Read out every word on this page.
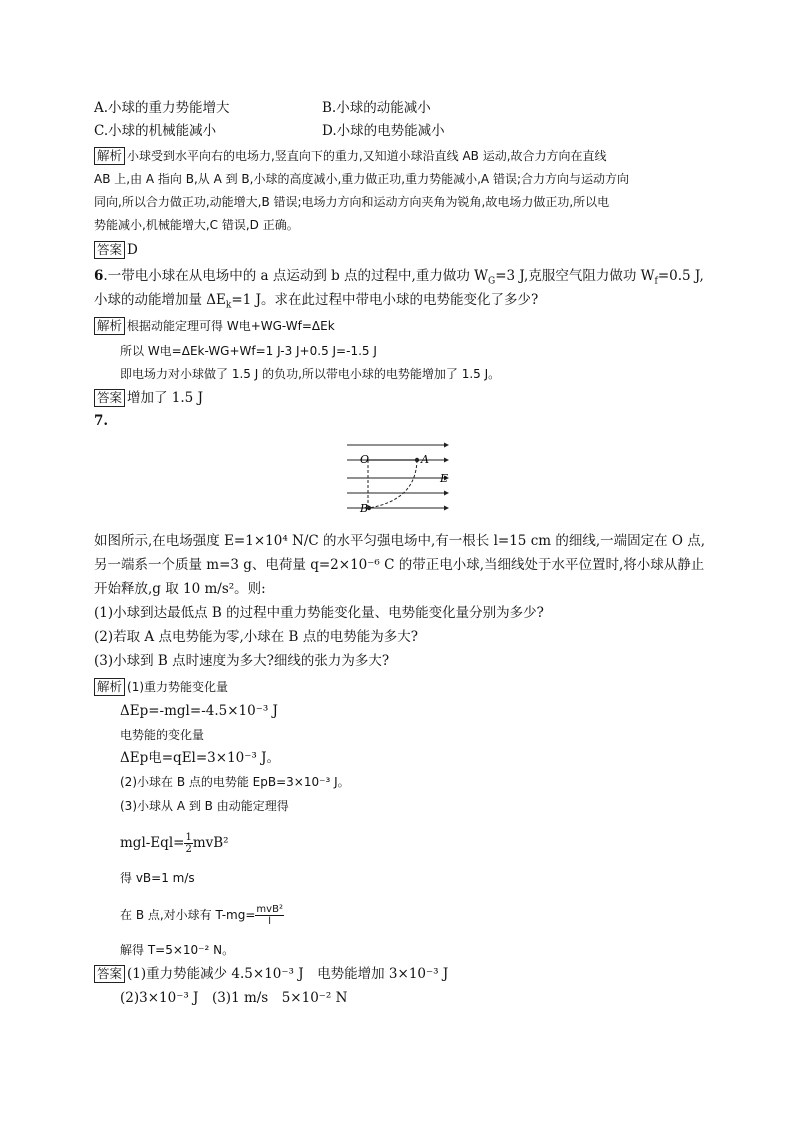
A.小球的重力势能增大	B.小球的动能减小
C.小球的机械能减小	D.小球的电势能减小
解析 小球受到水平向右的电场力,竖直向下的重力,又知道小球沿直线 AB 运动,故合力方向在直线
AB 上,由 A 指向 B,从 A 到 B,小球的高度减小,重力做正功,重力势能减小,A 错误;合力方向与运动方向
同向,所以合力做正功,动能增大,B 错误;电场力方向和运动方向夹角为锐角,故电场力做正功,所以电
势能减小,机械能增大,C 错误,D 正确。
答案 D
6.一带电小球在从电场中的 a 点运动到 b 点的过程中,重力做功 $W_G=3$ J,克服空气阻力做功 $W_f=0.5$ J,
小球的动能增加量 $\Delta E_k=1$ J。求在此过程中带电小球的电势能变化了多少?
解析 根据动能定理可得 W电+WG-Wf=ΔEk
所以 W电=ΔEk-WG+Wf=1 J-3 J+0.5 J=-1.5 J
即电场力对小球做了 1.5 J 的负功,所以带电小球的电势能增加了 1.5 J。
答案 增加了 1.5 J
7.
O	A
E
B
如图所示,在电场强度 E=1×10⁴ N/C 的水平匀强电场中,有一根长 l=15 cm 的细线,一端固定在 O 点,
另一端系一个质量 m=3 g、电荷量 q=2×10⁻⁶ C 的带正电小球,当细线处于水平位置时,将小球从静止
开始释放,g 取 10 m/s²。则:
(1)小球到达最低点 B 的过程中重力势能变化量、电势能变化量分别为多少?
(2)若取 A 点电势能为零,小球在 B 点的电势能为多大?
(3)小球到 B 点时速度为多大?细线的张力为多大?
解析 (1)重力势能变化量
ΔEp=-mgl=-4.5×10⁻³ J
电势能的变化量
ΔEp电=qEl=3×10⁻³ J。
(2)小球在 B 点的电势能 EpB=3×10⁻³ J。
(3)小球从 A 到 B 由动能定理得
$mgl-Eql= \frac{1}{2} mvB^2$
得 vB=1 m/s
在 B 点,对小球有 $T-mg= \frac{\text{mvB²}}{l}$
解得 T=5×10⁻² N。
答案 (1)重力势能减少 4.5×10⁻³ J　电势能增加 3×10⁻³ J
(2)3×10⁻³ J　(3)1 m/s　5×10⁻² N
